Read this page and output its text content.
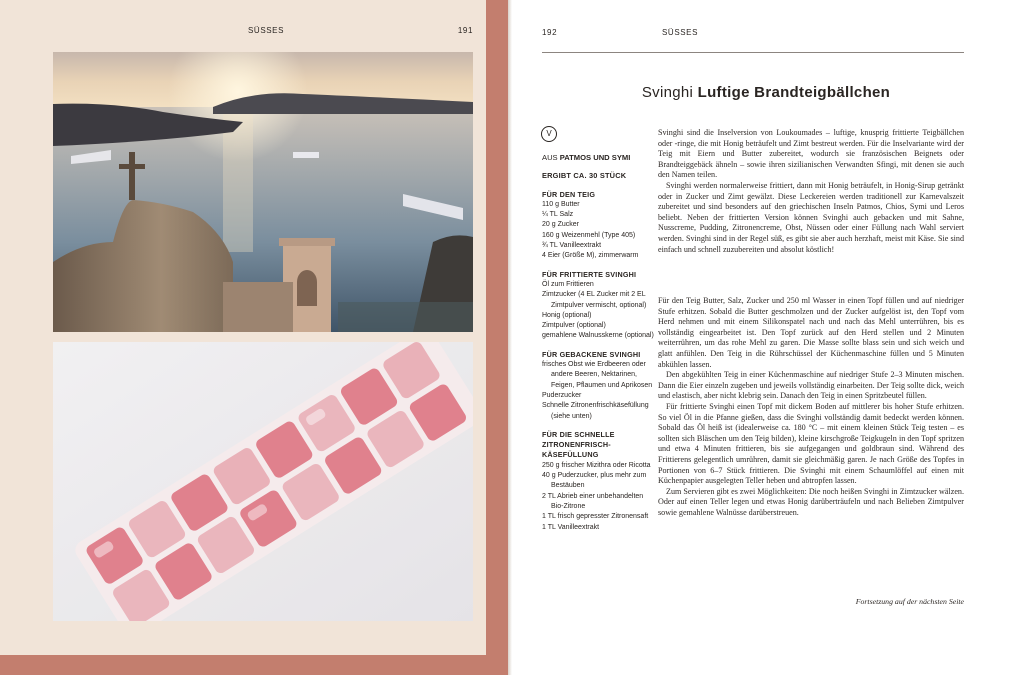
SÜSSES	191	192	SÜSSES
Svinghi Luftige Brandteigbällchen
V
AUS PATMOS UND SYMI
ERGIBT CA. 30 STÜCK
FÜR DEN TEIG
110 g Butter
¼ TL Salz
20 g Zucker
160 g Weizenmehl (Type 405)
¾ TL Vanilleextrakt
4 Eier (Größe M), zimmerwarm
FÜR FRITTIERTE SVINGHI
Öl zum Frittieren
Zimtzucker (4 EL Zucker mit 2 EL Zimtpulver vermischt, optional)
Honig (optional)
Zimtpulver (optional)
gemahlene Walnusskerne (optional)
FÜR GEBACKENE SVINGHI
frisches Obst wie Erdbeeren oder andere Beeren, Nektarinen, Feigen, Pflaumen und Aprikosen
Puderzucker
Schnelle Zitronenfrischkäsefüllung (siehe unten)
FÜR DIE SCHNELLE ZITRONENFRISCH-KÄSEFÜLLUNG
250 g frischer Mizithra oder Ricotta
40 g Puderzucker, plus mehr zum Bestäuben
2 TL Abrieb einer unbehandelten Bio-Zitrone
1 TL frisch gepresster Zitronensaft
1 TL Vanilleextrakt

Svinghi sind die Inselversion von Loukoumades – luftige, knusprig frittierte Teigbällchen oder -ringe, die mit Honig beträufelt und Zimt bestreut werden. Für die Inselvariante wird der Teig mit Eiern und Butter zubereitet, wodurch sie französischen Beignets oder Brandteiggebäck ähneln – sowie ihren sizilianischen Verwandten Sfingi, mit denen sie auch den Namen teilen.

Svinghi werden normalerweise frittiert, dann mit Honig beträufelt, in Honig-Sirup getränkt oder in Zucker und Zimt gewälzt. Diese Leckereien werden traditionell zur Karnevalszeit zubereitet und sind besonders auf den griechischen Inseln Patmos, Chios, Symi und Leros beliebt. Neben der frittierten Version können Svinghi auch gebacken und mit Sahne, Nusscreme, Pudding, Zitronencreme, Obst, Nüssen oder einer Füllung nach Wahl serviert werden. Svinghi sind in der Regel süß, es gibt sie aber auch herzhaft, meist mit Käse. Sie sind einfach und schnell zuzubereiten und absolut köstlich!

Für den Teig Butter, Salz, Zucker und 250 ml Wasser in einen Topf füllen und auf niedriger Stufe erhitzen. Sobald die Butter geschmolzen und der Zucker aufgelöst ist, den Topf vom Herd nehmen und mit einem Silikonspatel nach und nach das Mehl unterrühren, bis es vollständig eingearbeitet ist. Den Topf zurück auf den Herd stellen und 2 Minuten weiterrühren, um das rohe Mehl zu garen. Die Masse sollte blass sein und sich weich und glatt anfühlen. Den Teig in die Rührschüssel der Küchenmaschine füllen und 5 Minuten abkühlen lassen.

Den abgekühlten Teig in einer Küchenmaschine auf niedriger Stufe 2–3 Minuten mischen. Dann die Eier einzeln zugeben und jeweils vollständig einarbeiten. Der Teig sollte dick, weich und elastisch, aber nicht klebrig sein. Danach den Teig in einen Spritzbeutel füllen.

Für frittierte Svinghi einen Topf mit dickem Boden auf mittlerer bis hoher Stufe erhitzen. So viel Öl in die Pfanne gießen, dass die Svinghi vollständig damit bedeckt werden können. Sobald das Öl heiß ist (idealerweise ca. 180 °C – mit einem kleinen Stück Teig testen – es sollten sich Bläschen um den Teig bilden), kleine kirschgroße Teigkugeln in den Topf spritzen und etwa 4 Minuten frittieren, bis sie aufgegangen und goldbraun sind. Während des Frittierens gelegentlich umrühren, damit sie gleichmäßig garen. Je nach Größe des Topfes in Portionen von 6–7 Stück frittieren. Die Svinghi mit einem Schaumlöffel auf einen mit Küchenpapier ausgelegten Teller heben und abtropfen lassen.

Zum Servieren gibt es zwei Möglichkeiten: Die noch heißen Svinghi in Zimtzucker wälzen. Oder auf einen Teller legen und etwas Honig darüberträufeln und nach Belieben Zimtpulver sowie gemahlene Walnüsse darüberstreuen.

Fortsetzung auf der nächsten Seite
